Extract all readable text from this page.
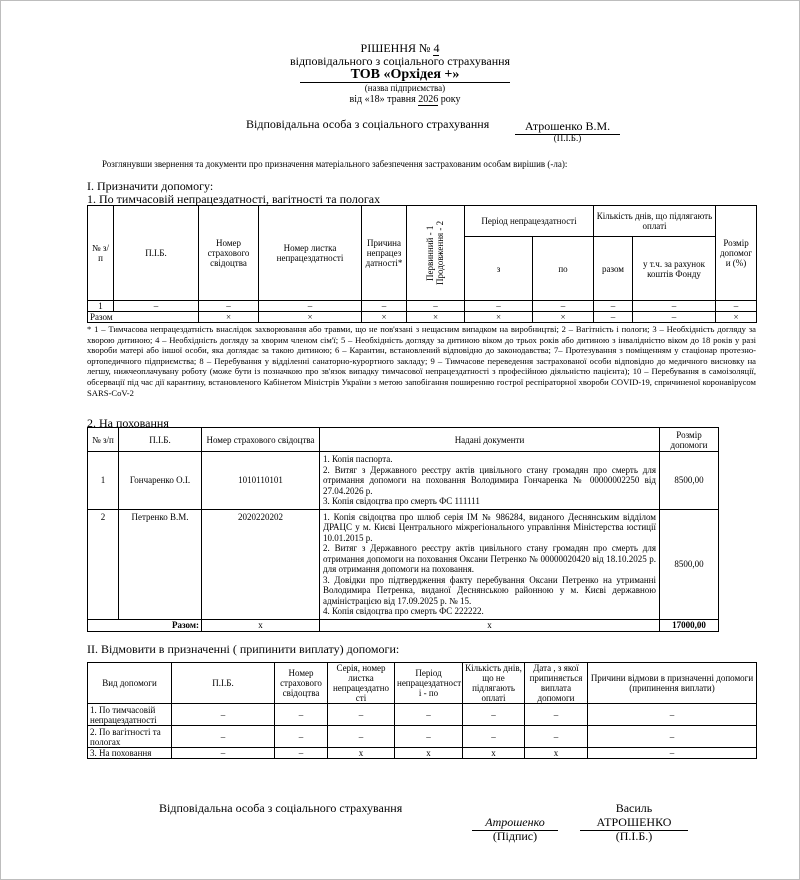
РІШЕННЯ № 4
відповідального з соціального страхування
ТОВ «Орхідея +»
(назва підприємства)
від «18» травня 2026 року
Відповідальна особа з соціального страхування	Атрошенко В.М.
(П.І.Б.)
Розглянувши звернення та документи про призначення матеріального забезпечення застрахованим особам вирішив (-ла):
I. Призначити допомогу:
1. По тимчасовій непрацездатності, вагітності та пологах
№ з/п	П.І.Б.	Номер страхового свідоцтва	Номер листка непрацездатності	Причина непрацез датності*	Первинний - 1 Продовження - 2	Період непрацездатності		Кількість днів, що підлягають оплаті		Розмір допомог и (%)
						з	по	разом	у т.ч. за рахунок коштів Фонду	
1	–	–	–	–	–	–	–	–	–	–
Разом		×	×	×	×	×	×	–	–	×
* 1 – Тимчасова непрацездатність внаслідок захворювання або травми, що не пов'язані з нещасним випадком на виробництві; 2 – Вагітність і пологи; 3 – Необхідність догляду за хворою дитиною; 4 – Необхідність догляду за хворим членом сім'ї; 5 – Необхідність догляду за дитиною віком до трьох років або дитиною з інвалідністю віком до 18 років у разі хвороби матері або іншої особи, яка доглядає за такою дитиною; 6 – Карантин, встановлений відповідно до законодавства; 7– Протезування з поміщенням у стаціонар протезно-ортопедичного підприємства; 8 – Перебування у відділенні санаторно-курортного закладу; 9 – Тимчасове переведення застрахованої особи відповідно до медичного висновку на легшу, нижчеоплачувану роботу (може бути із позначкою про зв'язок випадку тимчасової непрацездатності з професійною діяльністю пацієнта); 10 – Перебування в самоізоляції, обсервації під час дії карантину, встановленого Кабінетом Міністрів України з метою запобігання поширенню гострої респіраторної хвороби COVID-19, спричиненої коронавірусом SARS-CoV-2
2. На поховання
№ з/п	П.І.Б.	Номер страхового свідоцтва	Надані документи	Розмір допомоги
1	Гончаренко О.І.	1010110101	1. Копія паспорта.
2. Витяг з Державного реєстру актів цивільного стану громадян про смерть для отримання допомоги на поховання Володимира Гончаренка № 00000002250 від 27.04.2026 р.
3. Копія свідоцтва про смерть ФС 111111	8500,00
2	Петренко В.М.	2020220202	1. Копія свідоцтва про шлюб серія ІМ № 986284, виданого Деснянським відділом ДРАЦС у м. Києві Центрального міжрегіонального управління Міністерства юстиції 10.01.2015 р.
2. Витяг з Державного реєстру актів цивільного стану громадян про смерть для отримання допомоги на поховання Оксани Петренко № 00000020420 від 18.10.2025 р. для отримання допомоги на поховання.
3. Довідки про підтвердження факту перебування Оксани Петренко на утриманні Володимира Петренка, виданої Деснянською районною у м. Києві державною адміністрацією від 17.09.2025 р. № 15.
4. Копія свідоцтва про смерть ФС 222222.	8500,00
Разом:		x	x	17000,00
II. Відмовити в призначенні ( припинити виплату) допомоги:
Вид допомоги	П.І.Б.	Номер страхового свідоцтва	Серія, номер листка непрацездатно сті	Період непрацездатност і - по	Кількість днів, що не підлягають оплаті	Дата , з якої припиняється виплата допомоги	Причини відмови в призначенні допомоги (припинення виплати)
1. По тимчасовій непрацездатності	–	–	–	–	–	–	–
2. По вагітності та пологах	–	–	–	–	–	–	–
3. На поховання	–	–	x	x	x	x	–
Відповідальна особа з соціального страхування
Атрошенко
(Підпис)
Василь
АТРОШЕНКО
(П.І.Б.)
